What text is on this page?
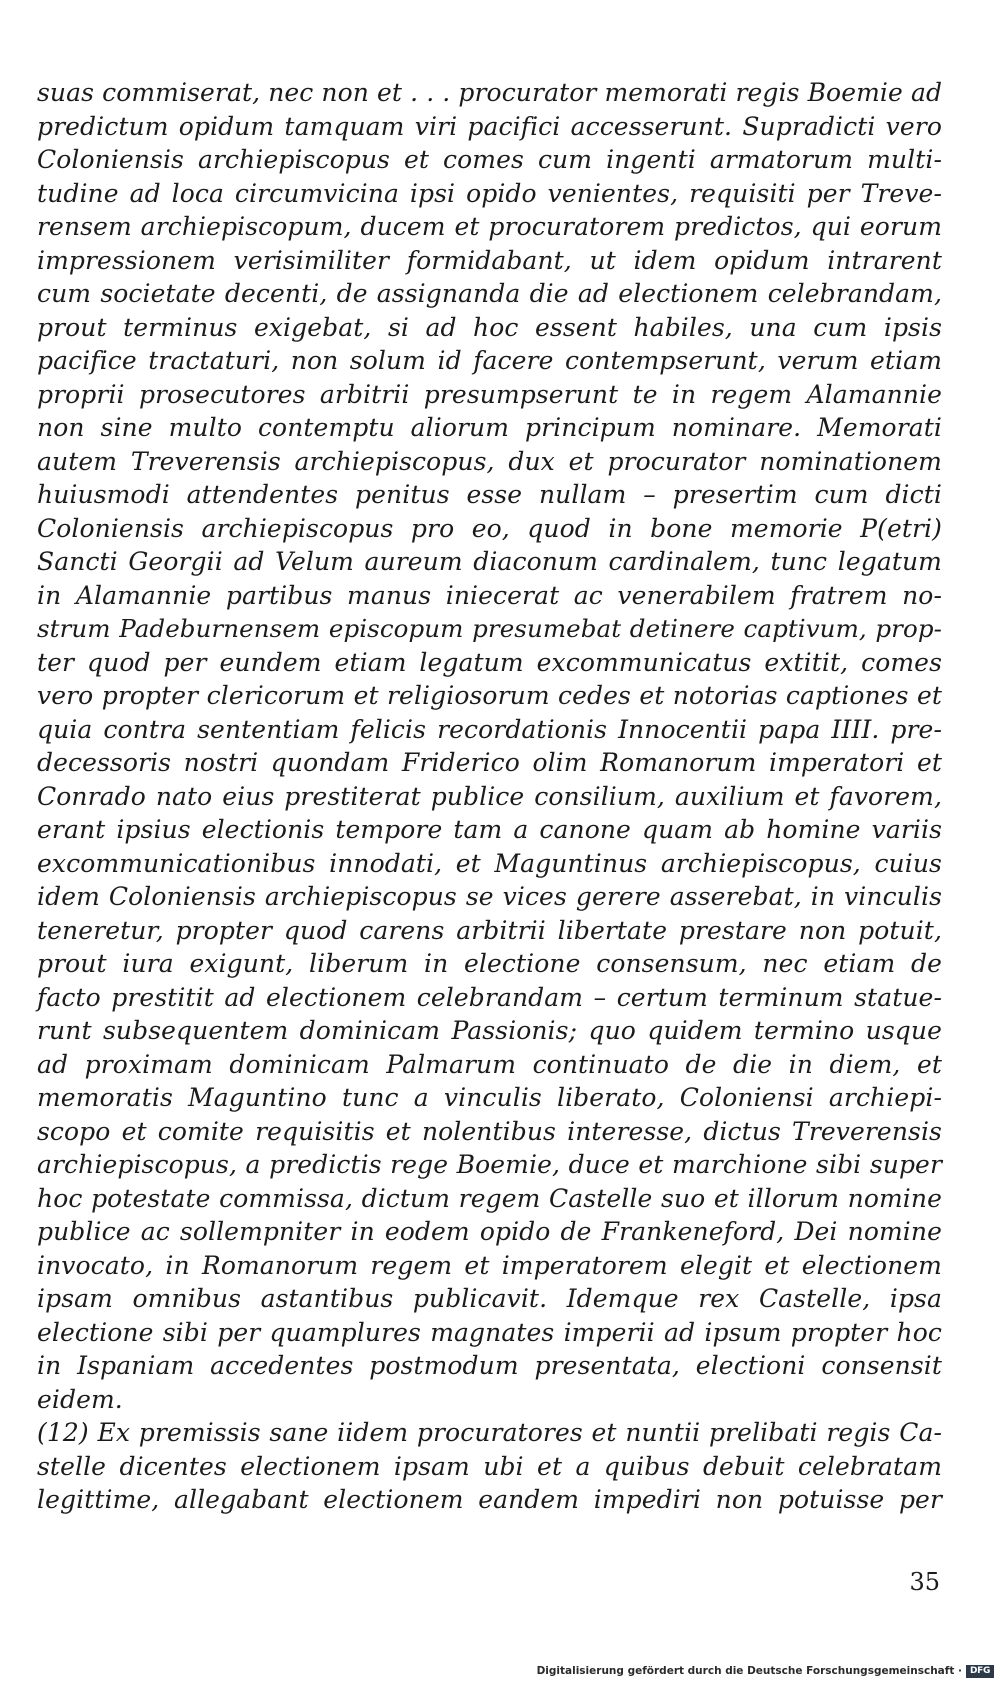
suas commiserat, nec non et . . . procurator memorati regis Boemie ad
predictum opidum tamquam viri pacifici accesserunt. Supradicti vero
Coloniensis archiepiscopus et comes cum ingenti armatorum multi-
tudine ad loca circumvicina ipsi opido venientes, requisiti per Treve-
rensem archiepiscopum, ducem et procuratorem predictos, qui eorum
impressionem verisimiliter formidabant, ut idem opidum intrarent
cum societate decenti, de assignanda die ad electionem celebrandam,
prout terminus exigebat, si ad hoc essent habiles, una cum ipsis
pacifice tractaturi, non solum id facere contempserunt, verum etiam
proprii prosecutores arbitrii presumpserunt te in regem Alamannie
non sine multo contemptu aliorum principum nominare. Memorati
autem Treverensis archiepiscopus, dux et procurator nominationem
huiusmodi attendentes penitus esse nullam – presertim cum dicti
Coloniensis archiepiscopus pro eo, quod in bone memorie P(etri)
Sancti Georgii ad Velum aureum diaconum cardinalem, tunc legatum
in Alamannie partibus manus iniecerat ac venerabilem fratrem no-
strum Padeburnensem episcopum presumebat detinere captivum, prop-
ter quod per eundem etiam legatum excommunicatus extitit, comes
vero propter clericorum et religiosorum cedes et notorias captiones et
quia contra sententiam felicis recordationis Innocentii papa IIII. pre-
decessoris nostri quondam Friderico olim Romanorum imperatori et
Conrado nato eius prestiterat publice consilium, auxilium et favorem,
erant ipsius electionis tempore tam a canone quam ab homine variis
excommunicationibus innodati, et Maguntinus archiepiscopus, cuius
idem Coloniensis archiepiscopus se vices gerere asserebat, in vinculis
teneretur, propter quod carens arbitrii libertate prestare non potuit,
prout iura exigunt, liberum in electione consensum, nec etiam de
facto prestitit ad electionem celebrandam – certum terminum statue-
runt subsequentem dominicam Passionis; quo quidem termino usque
ad proximam dominicam Palmarum continuato de die in diem, et
memoratis Maguntino tunc a vinculis liberato, Coloniensi archiepi-
scopo et comite requisitis et nolentibus interesse, dictus Treverensis
archiepiscopus, a predictis rege Boemie, duce et marchione sibi super
hoc potestate commissa, dictum regem Castelle suo et illorum nomine
publice ac sollempniter in eodem opido de Frankeneford, Dei nomine
invocato, in Romanorum regem et imperatorem elegit et electionem
ipsam omnibus astantibus publicavit. Idemque rex Castelle, ipsa
electione sibi per quamplures magnates imperii ad ipsum propter hoc
in Ispaniam accedentes postmodum presentata, electioni consensit
eidem.
(12) Ex premissis sane iidem procuratores et nuntii prelibati regis Ca-
stelle dicentes electionem ipsam ubi et a quibus debuit celebratam
legittime, allegabant electionem eandem impediri non potuisse per
35
Digitalisierung gefördert durch die Deutsche Forschungsgemeinschaft · DFG
